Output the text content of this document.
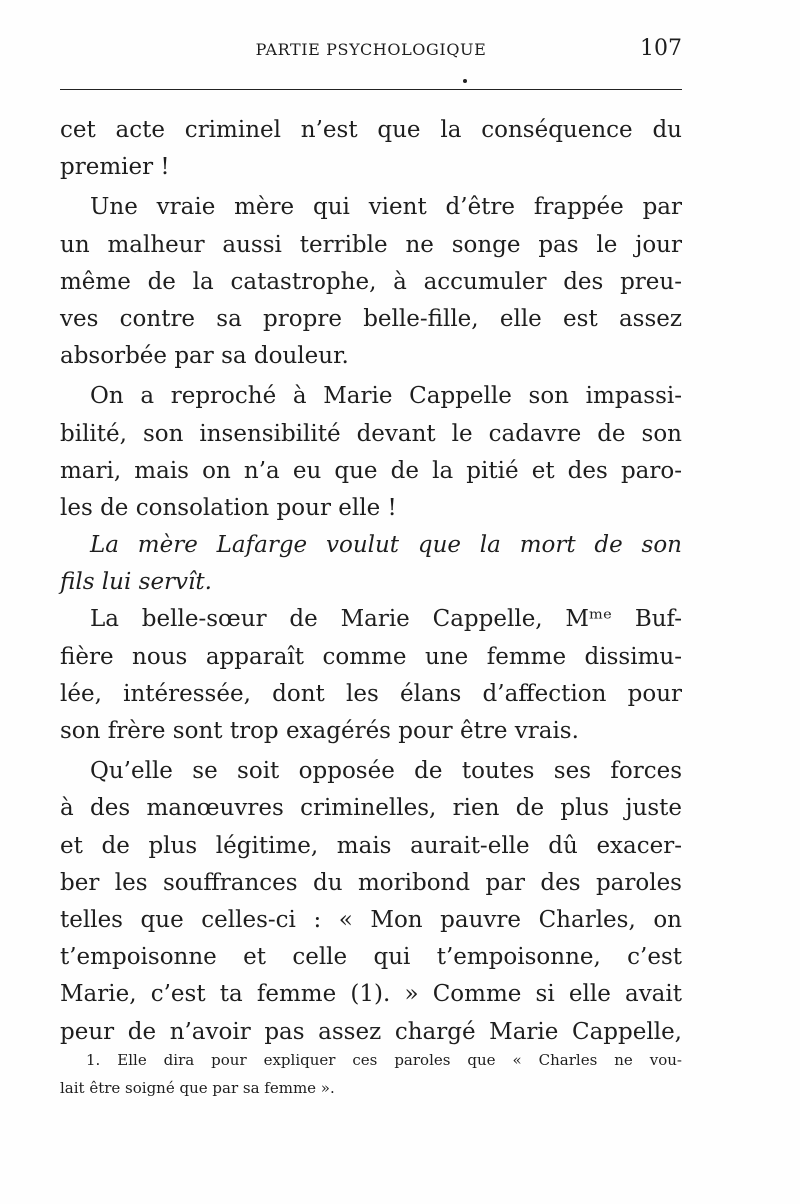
PARTIE PSYCHOLOGIQUE	107
cet acte criminel n’est que la conséquence du
premier !
Une vraie mère qui vient d’être frappée par
un malheur aussi terrible ne songe pas le jour
même de la catastrophe, à accumuler des preu-
ves contre sa propre belle-fille, elle est assez
absorbée par sa douleur.
On a reproché à Marie Cappelle son impassi-
bilité, son insensibilité devant le cadavre de son
mari, mais on n’a eu que de la pitié et des paro-
les de consolation pour elle !
La mère Lafarge voulut que la mort de son
fils lui servît.
La belle-sœur de Marie Cappelle, Mᵐᵉ Buf-
fière nous apparaît comme une femme dissimu-
lée, intéressée, dont les élans d’affection pour
son frère sont trop exagérés pour être vrais.
Qu’elle se soit opposée de toutes ses forces
à des manœuvres criminelles, rien de plus juste
et de plus légitime, mais aurait-elle dû exacer-
ber les souffrances du moribond par des paroles
telles que celles-ci : « Mon pauvre Charles, on
t’empoisonne et celle qui t’empoisonne, c’est
Marie, c’est ta femme (1). » Comme si elle avait
peur de n’avoir pas assez chargé Marie Cappelle,
1. Elle dira pour expliquer ces paroles que « Charles ne vou-
lait être soigné que par sa femme ».
